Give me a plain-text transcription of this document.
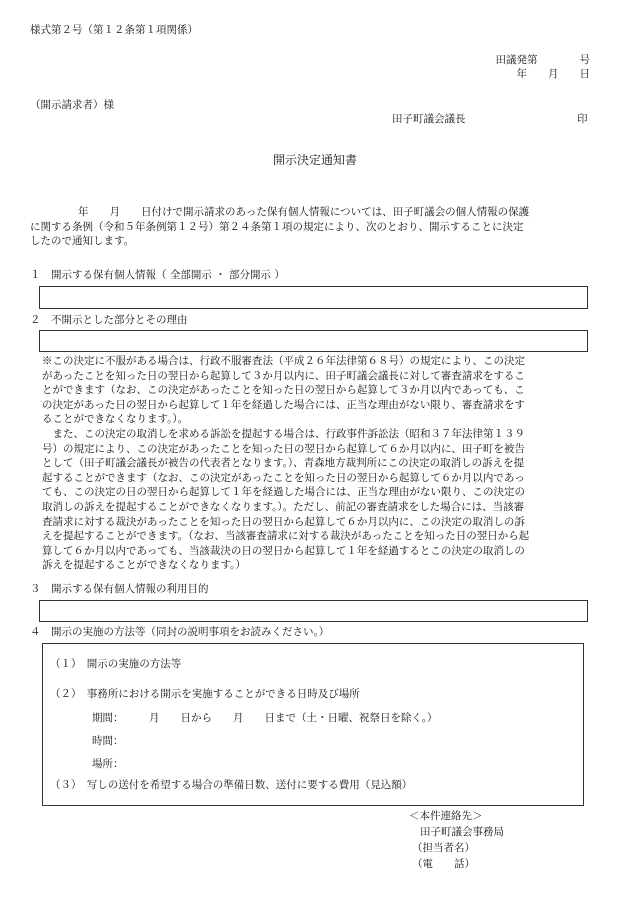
様式第２号（第１２条第１項関係）
田議発第　　　　号
年　　月　　日
（開示請求者）様
田子町議会議長	印
開示決定通知書

年　　月　　日付けで開示請求のあった保有個人情報については、田子町議会の個人情報の保護

に関する条例（令和５年条例第１２号）第２４条第１項の規定により、次のとおり、開示することに決定

したので通知します。

１　開示する保有個人情報（ 全部開示 ・ 部分開示 ）
２　不開示とした部分とその理由

※この決定に不服がある場合は、行政不服審査法（平成２６年法律第６８号）の規定により、この決定

があったことを知った日の翌日から起算して３か月以内に、田子町議会議長に対して審査請求をするこ

とができます（なお、この決定があったことを知った日の翌日から起算して３か月以内であっても、こ

の決定があった日の翌日から起算して１年を経過した場合には、正当な理由がない限り、審査請求をす

ることができなくなります。）。

　また、この決定の取消しを求める訴訟を提起する場合は、行政事件訴訟法（昭和３７年法律第１３９

号）の規定により、この決定があったことを知った日の翌日から起算して６か月以内に、田子町を被告

として（田子町議会議長が被告の代表者となります。）、青森地方裁判所にこの決定の取消しの訴えを提

起することができます（なお、この決定があったことを知った日の翌日から起算して６か月以内であっ

ても、この決定の日の翌日から起算して１年を経過した場合には、正当な理由がない限り、この決定の

取消しの訴えを提起することができなくなります。）。ただし、前記の審査請求をした場合には、当該審

査請求に対する裁決があったことを知った日の翌日から起算して６か月以内に、この決定の取消しの訴

えを提起することができます。（なお、当該審査請求に対する裁決があったことを知った日の翌日から起

算して６か月以内であっても、当該裁決の日の翌日から起算して１年を経過するとこの決定の取消しの

訴えを提起することができなくなります。）

３　開示する保有個人情報の利用目的
４　開示の実施の方法等（同封の説明事項をお読みください。）
（１）　開示の実施の方法等
（２）　事務所における開示を実施することができる日時及び場所
期間： 月　　日から　　月　　日まで（土・日曜、祝祭日を除く。）
時間：
場所：
（３）　写しの送付を希望する場合の準備日数、送付に要する費用（見込額）
＜本件連絡先＞
田子町議会事務局
（担当者名）
（電　　話）
